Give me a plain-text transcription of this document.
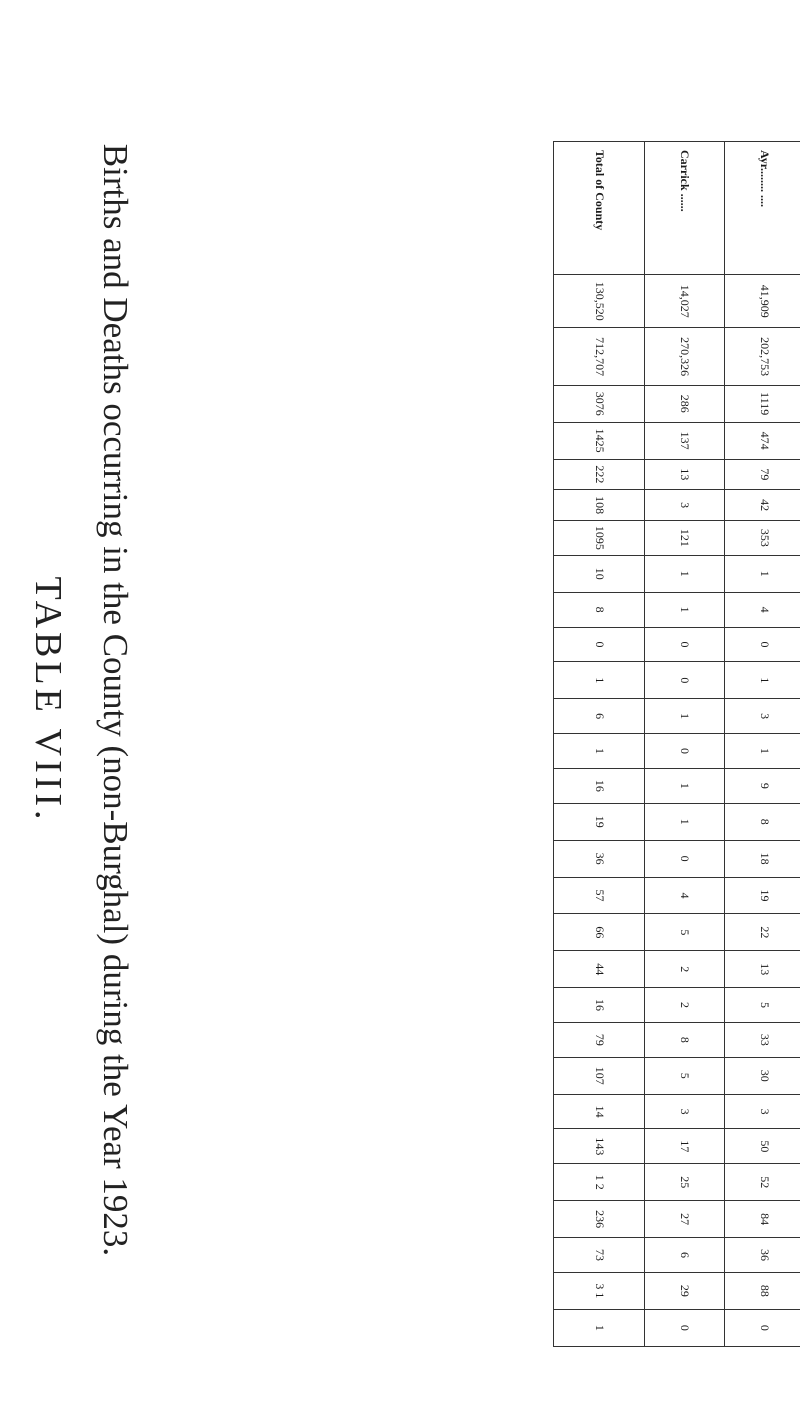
TABLE VIII. Births and Deaths occurring in the County (non-Burghal) during the Year 1923.

																														Ayr........ ....	41,909	202,753	1119	474	79	42	353	1	4	0	1	3	1	9	8	18	19	22	13	5	33	30	3	50	52	84	36	88	0
Carrick ......	14,027	270,326	286	137	13	3	121	1	1	0	0	1	0	1	1	0	4	5	2	2	8	5	3	17	25	27	6	29	0
Total of County	130,520	712,707	3076	1425	222	108	1095	10	8	0	1	6	1	16	19	36	57	66	44	16	79	107	14	143	1 2	236	73	3 1	1
